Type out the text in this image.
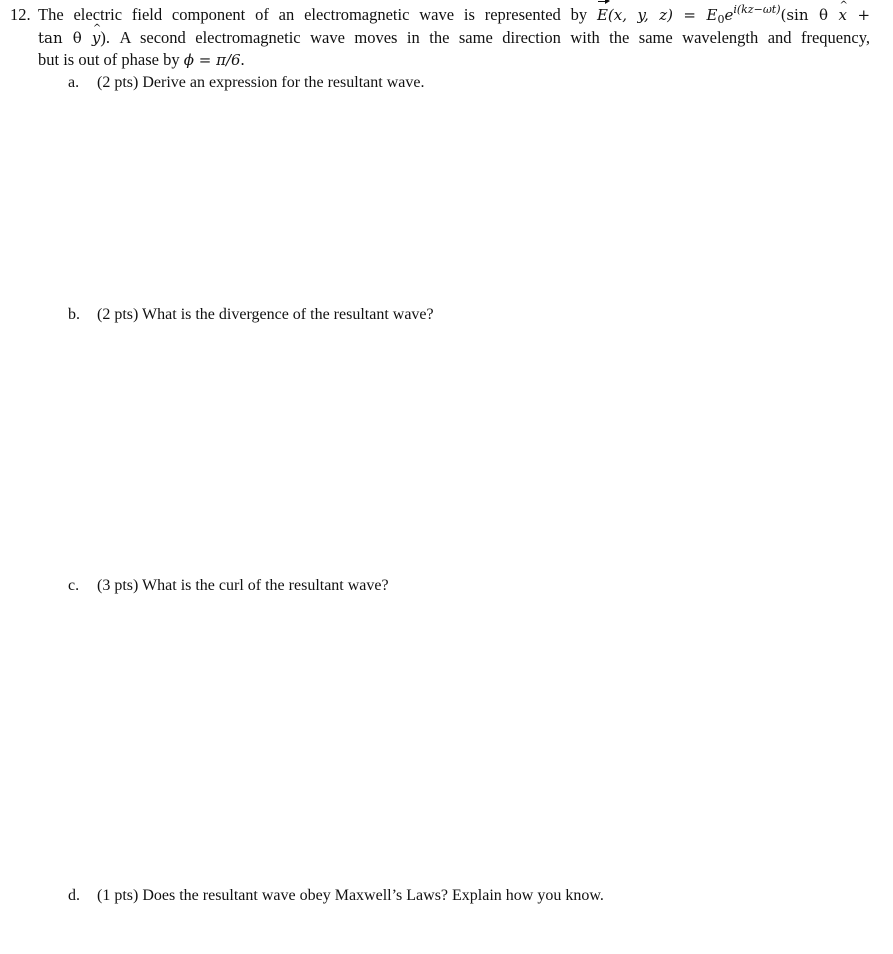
12. The electric field component of an electromagnetic wave is represented by E(x, y, $z) = E_0e^{i(kz-\omega t)}(\sin$ θ x ^ +
tan θ y ^). A second electromagnetic wave moves in the same direction with the same wavelength and frequency,
but is out of phase by ϕ = π/6.
a. (2 pts) Derive an expression for the resultant wave.
b. (2 pts) What is the divergence of the resultant wave?
c. (3 pts) What is the curl of the resultant wave?
d. (1 pts) Does the resultant wave obey Maxwell’s Laws? Explain how you know.
